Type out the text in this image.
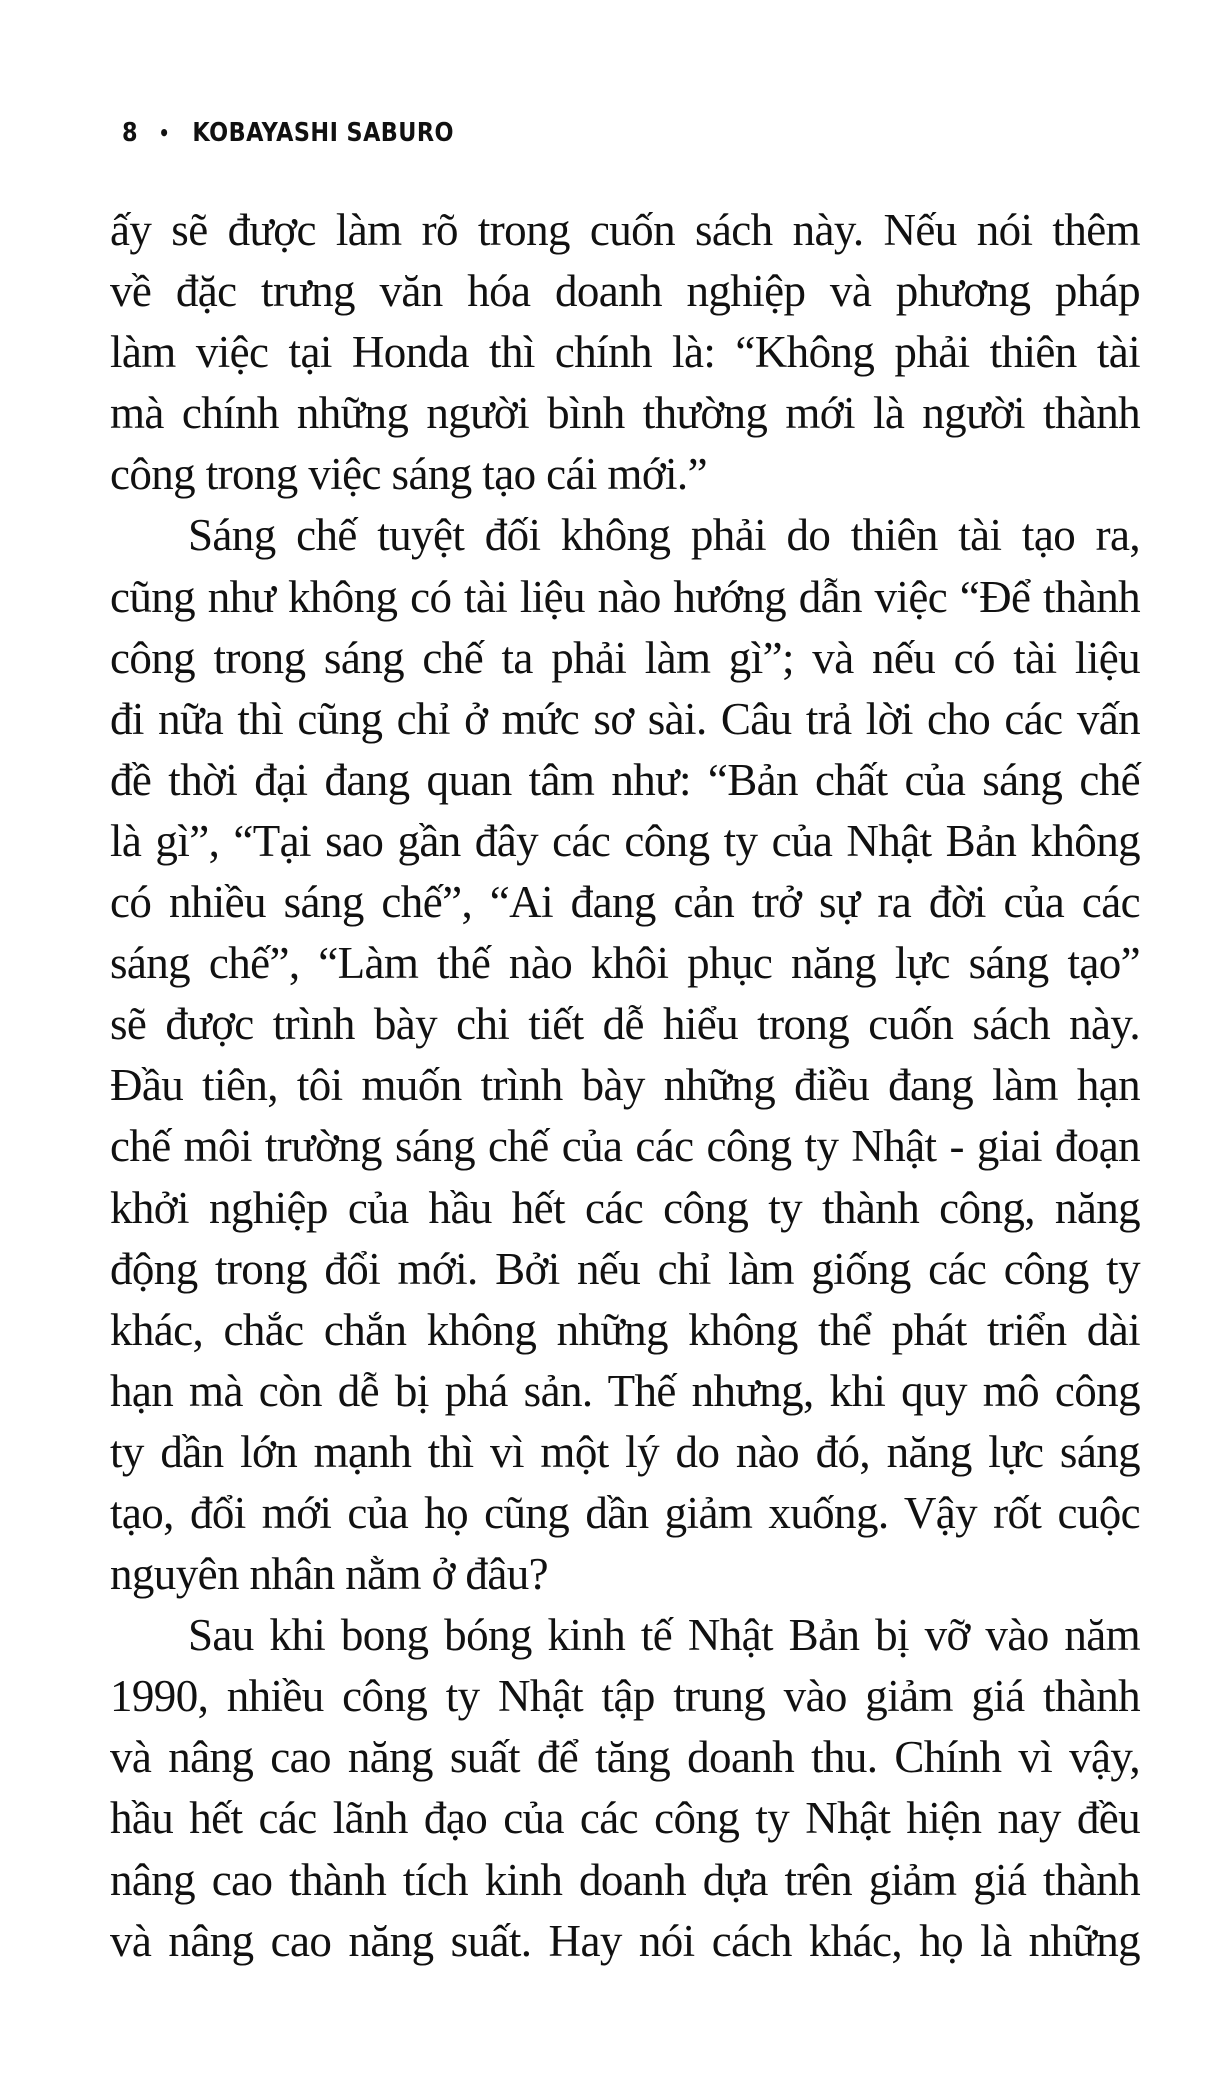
8 • KOBAYASHI SABURO
ấy sẽ được làm rõ trong cuốn sách này. Nếu nói thêm
về đặc trưng văn hóa doanh nghiệp và phương pháp
làm việc tại Honda thì chính là: “Không phải thiên tài
mà chính những người bình thường mới là người thành
công trong việc sáng tạo cái mới.”
Sáng chế tuyệt đối không phải do thiên tài tạo ra,
cũng như không có tài liệu nào hướng dẫn việc “Để thành
công trong sáng chế ta phải làm gì”; và nếu có tài liệu
đi nữa thì cũng chỉ ở mức sơ sài. Câu trả lời cho các vấn
đề thời đại đang quan tâm như: “Bản chất của sáng chế
là gì”, “Tại sao gần đây các công ty của Nhật Bản không
có nhiều sáng chế”, “Ai đang cản trở sự ra đời của các
sáng chế”, “Làm thế nào khôi phục năng lực sáng tạo”
sẽ được trình bày chi tiết dễ hiểu trong cuốn sách này.
Đầu tiên, tôi muốn trình bày những điều đang làm hạn
chế môi trường sáng chế của các công ty Nhật - giai đoạn
khởi nghiệp của hầu hết các công ty thành công, năng
động trong đổi mới. Bởi nếu chỉ làm giống các công ty
khác, chắc chắn không những không thể phát triển dài
hạn mà còn dễ bị phá sản. Thế nhưng, khi quy mô công
ty dần lớn mạnh thì vì một lý do nào đó, năng lực sáng
tạo, đổi mới của họ cũng dần giảm xuống. Vậy rốt cuộc
nguyên nhân nằm ở đâu?
Sau khi bong bóng kinh tế Nhật Bản bị vỡ vào năm
1990, nhiều công ty Nhật tập trung vào giảm giá thành
và nâng cao năng suất để tăng doanh thu. Chính vì vậy,
hầu hết các lãnh đạo của các công ty Nhật hiện nay đều
nâng cao thành tích kinh doanh dựa trên giảm giá thành
và nâng cao năng suất. Hay nói cách khác, họ là những
